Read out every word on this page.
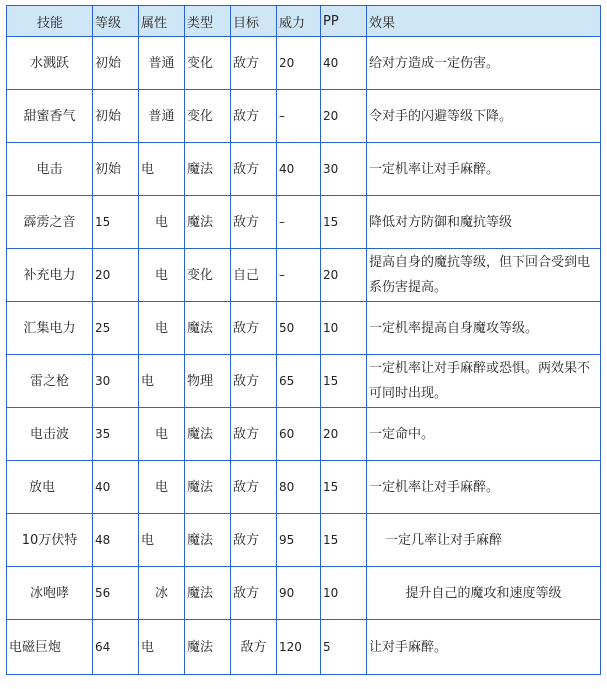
技能	等级	属性	类型	目标	威力	PP	效果
水溅跃	初始	普通	变化	敌方	20	40	给对方造成一定伤害。
甜蜜香气	初始	普通	变化	敌方	–	20	令对手的闪避等级下降。
电击	初始	电	魔法	敌方	40	30	一定机率让对手麻醉。
霹雳之音	15	电	魔法	敌方	–	15	降低对方防御和魔抗等级
补充电力	20	电	变化	自己	–	20	提高自身的魔抗等级，但下回合受到电系伤害提高。
汇集电力	25	电	魔法	敌方	50	10	一定机率提高自身魔攻等级。
雷之枪	30	电	物理	敌方	65	15	一定机率让对手麻醉或恐惧。两效果不可同时出现。
电击波	35	电	魔法	敌方	60	20	一定命中。
放电	40	电	魔法	敌方	80	15	一定机率让对手麻醉。
10万伏特	48	电	魔法	敌方	95	15	一定几率让对手麻醉
冰咆哮	56	冰	魔法	敌方	90	10	提升自己的魔攻和速度等级
电磁巨炮	64	电	魔法	敌方	120	5	让对手麻醉。
